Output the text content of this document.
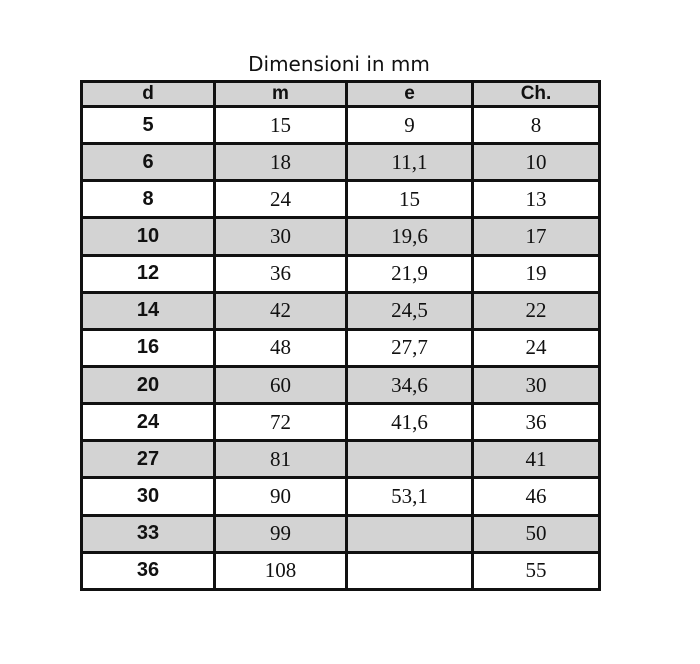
Dimensioni in mm
d	m	e	Ch.
5	15	9	8
6	18	11,1	10
8	24	15	13
10	30	19,6	17
12	36	21,9	19
14	42	24,5	22
16	48	27,7	24
20	60	34,6	30
24	72	41,6	36
27	81		41
30	90	53,1	46
33	99		50
36	108		55
